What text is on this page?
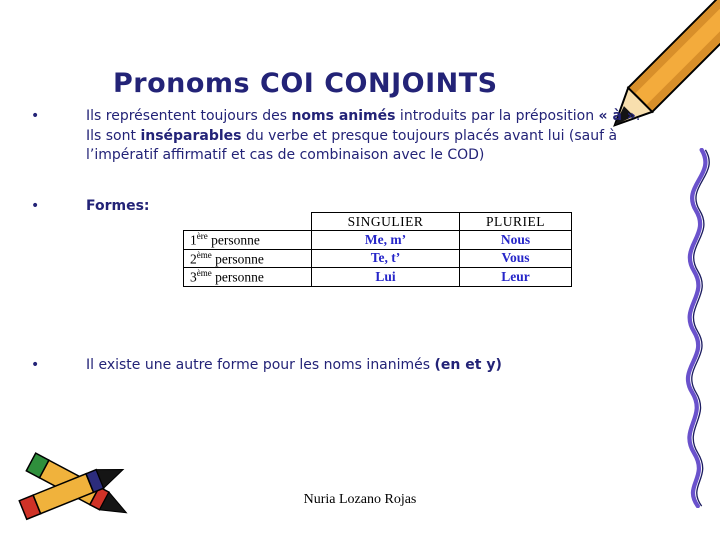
Pronoms COI CONJOINTS
•	Ils représentent toujours des noms animés introduits par la préposition « à ». Ils sont inséparables du verbe et presque toujours placés avant lui (sauf à l’impératif affirmatif et cas de combinaison avec le COD)

•	Formes:

	SINGULIER	PLURIEL
1ère personne	Me, m’	Nous
2ème personne	Te, t’	Vous
3ème personne	Lui	Leur
•	Il existe une autre forme pour les noms inanimés (en et y)

Nuria Lozano Rojas
